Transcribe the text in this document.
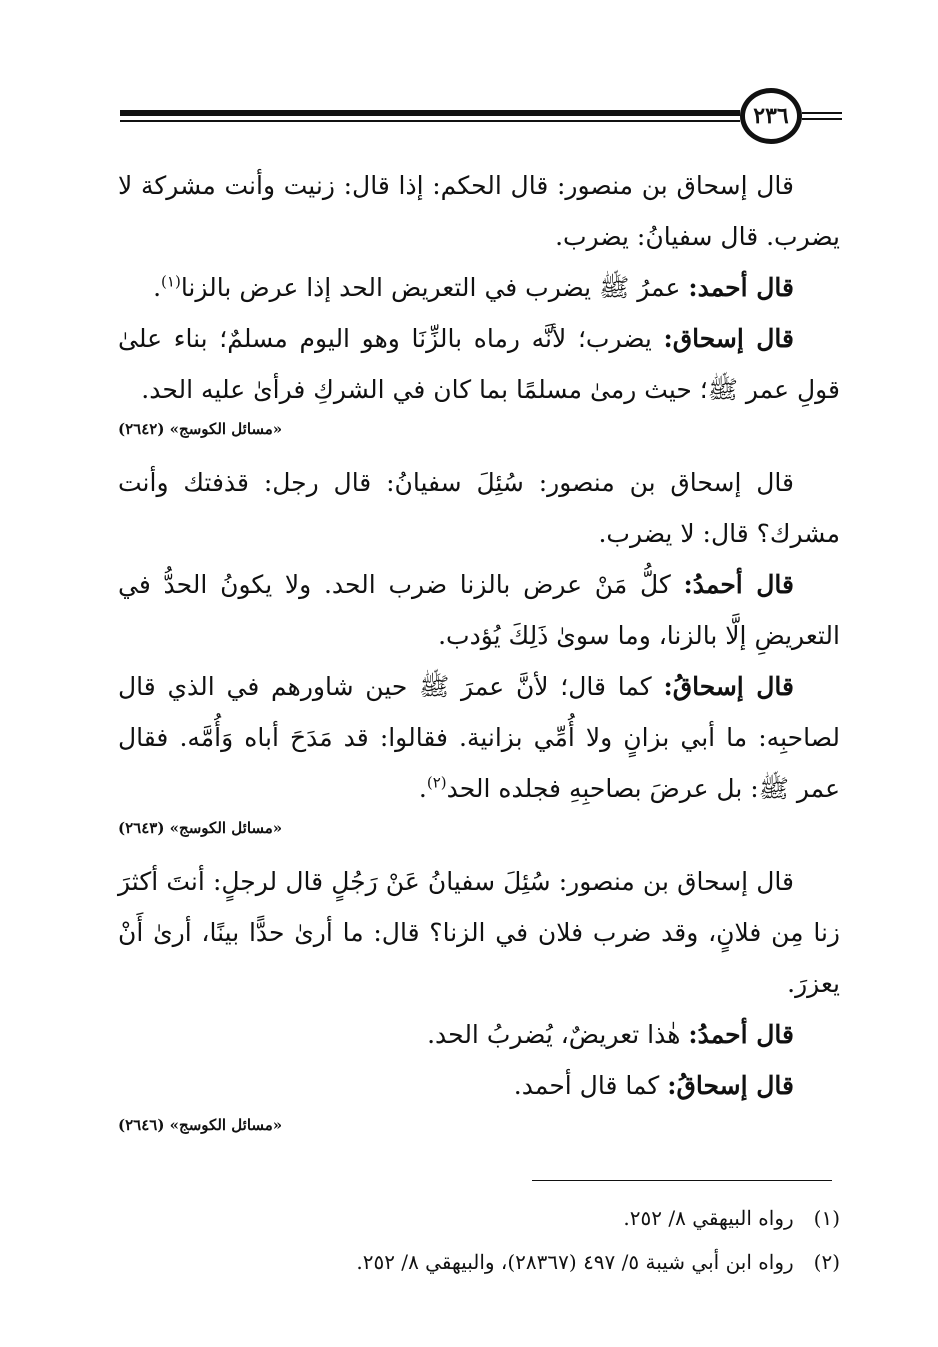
٢٣٦

قال إسحاق بن منصور: قال الحكم: إذا قال: زنيت وأنت مشركة لا يضرب. قال سفيانُ: يضرب.

قال أحمد: عمرُ ﷺ يضرب في التعريض الحد إذا عرض بالزنا$^{(١)}$.

قال إسحاق: يضرب؛ لأنَّه رماه بالزِّنَا وهو اليوم مسلمٌ؛ بناء علىٰ قولِ عمر ﷺ؛ حيث رمىٰ مسلمًا بما كان في الشركِ فرأىٰ عليه الحد.

«مسائل الكوسج» (٢٦٤٢)

قال إسحاق بن منصور: سُئِلَ سفيانُ: قال رجل: قذفتك وأنت مشرك؟ قال: لا يضرب.

قال أحمدُ: كلُّ مَنْ عرض بالزنا ضرب الحد. ولا يكونُ الحدُّ في التعريضِ إلَّا بالزنا، وما سوىٰ ذَلِكَ يُؤدب.

قال إسحاقُ: كما قال؛ لأنَّ عمرَ ﷺ حين شاورهم في الذي قال لصاحبِه: ما أبي بزانٍ ولا أُمِّي بزانية. فقالوا: قد مَدَحَ أباه وَأُمَّه. فقال عمر ﷺ: بل عرضَ بصاحبِهِ فجلده الحد$^{(٢)}$.

«مسائل الكوسج» (٢٦٤٣)

قال إسحاق بن منصور: سُئِلَ سفيانُ عَنْ رَجُلٍ قال لرجلٍ: أنتَ أكثرَ زنا مِن فلانٍ، وقد ضرب فلان في الزنا؟ قال: ما أرىٰ حدًّا بينًا، أرىٰ أَنْ يعزرَ.

قال أحمدُ: هٰذا تعريضٌ، يُضربُ الحد.

قال إسحاقُ: كما قال أحمد.

«مسائل الكوسج» (٢٦٤٦)

(١) رواه البيهقي ٨/ ٢٥٢.

(٢) رواه ابن أبي شيبة ٥/ ٤٩٧ (٢٨٣٦٧)، والبيهقي ٨/ ٢٥٢.
